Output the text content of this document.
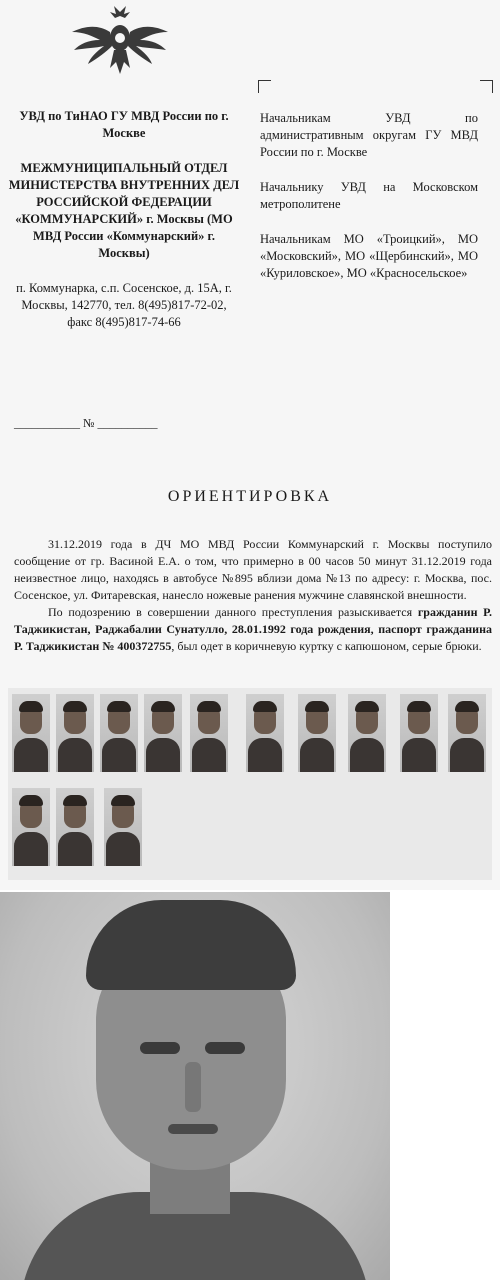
УВД по ТиНАО ГУ МВД России по г. Москве
МЕЖМУНИЦИПАЛЬНЫЙ ОТДЕЛ МИНИСТЕРСТВА ВНУТРЕННИХ ДЕЛ РОССИЙСКОЙ ФЕДЕРАЦИИ «КОММУНАРСКИЙ» г. Москвы (МО МВД России «Коммунарский» г. Москвы)
п. Коммунарка, с.п. Сосенское, д. 15А, г. Москвы, 142770, тел. 8(495)817-72-02, факс 8(495)817-74-66
___________ № __________

Начальникам УВД по административным округам ГУ МВД России по г. Москве

Начальнику УВД на Московском метрополитене

Начальникам МО «Троицкий», МО «Московский», МО «Щербинский», МО «Куриловское», МО «Красносельское»

ОРИЕНТИРОВКА

31.12.2019 года в ДЧ МО МВД России Коммунарский г. Москвы поступило сообщение от гр. Васиной Е.А. о том, что примерно в 00 часов 50 минут 31.12.2019 года неизвестное лицо, находясь в автобусе №895 вблизи дома №13 по адресу: г. Москва, пос. Сосенское, ул. Фитаревская, нанесло ножевые ранения мужчине славянской внешности.

По подозрению в совершении данного преступления разыскивается гражданин Р. Таджикистан, Раджабалии Сунатулло, 28.01.1992 года рождения, паспорт гражданина Р. Таджикистан № 400372755, был одет в коричневую куртку с капюшоном, серые брюки.
